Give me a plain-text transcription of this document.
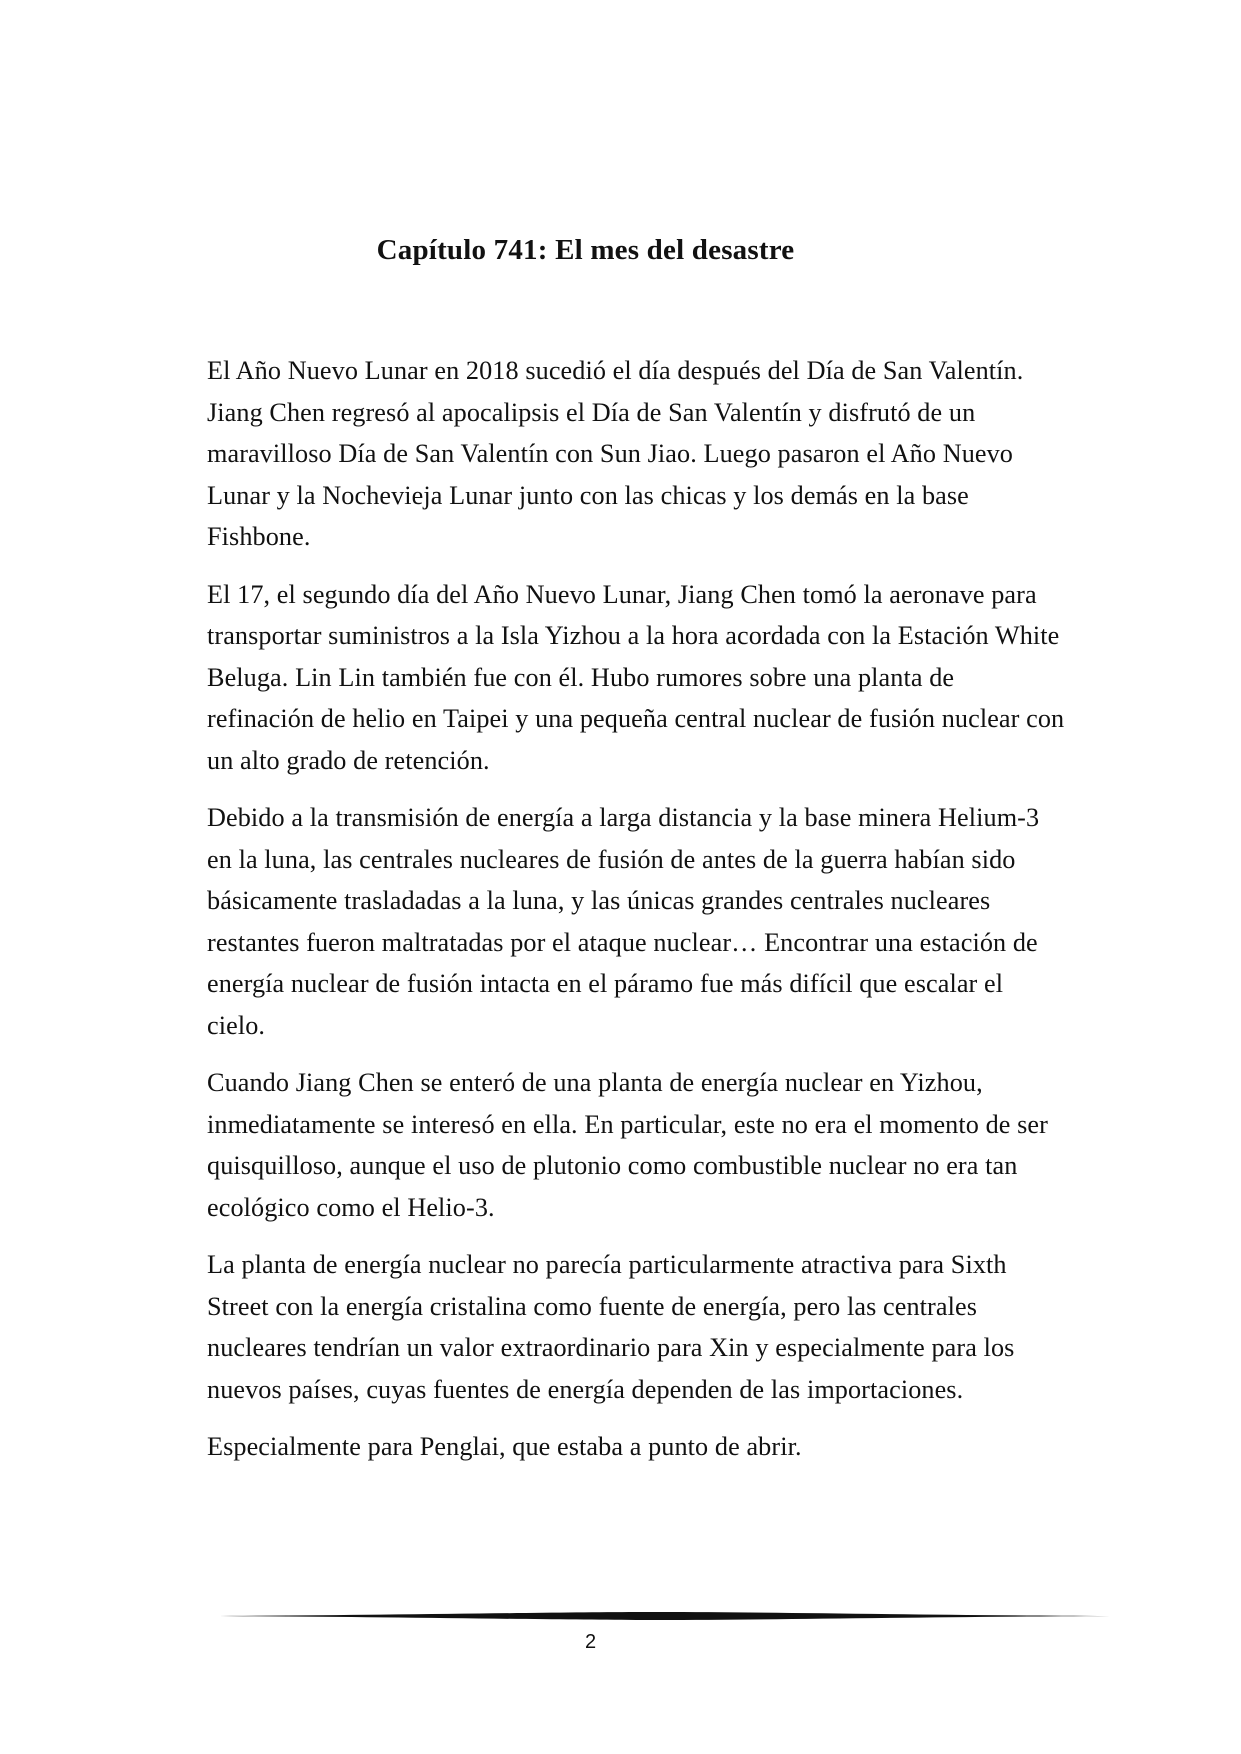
Capítulo 741: El mes del desastre

El Año Nuevo Lunar en 2018 sucedió el día después del Día de San Valentín. Jiang Chen regresó al apocalipsis el Día de San Valentín y disfrutó de un maravilloso Día de San Valentín con Sun Jiao. Luego pasaron el Año Nuevo Lunar y la Nochevieja Lunar junto con las chicas y los demás en la base Fishbone.

El 17, el segundo día del Año Nuevo Lunar, Jiang Chen tomó la aeronave para transportar suministros a la Isla Yizhou a la hora acordada con la Estación White Beluga. Lin Lin también fue con él. Hubo rumores sobre una planta de refinación de helio en Taipei y una pequeña central nuclear de fusión nuclear con un alto grado de retención.

Debido a la transmisión de energía a larga distancia y la base minera Helium-3 en la luna, las centrales nucleares de fusión de antes de la guerra habían sido básicamente trasladadas a la luna, y las únicas grandes centrales nucleares restantes fueron maltratadas por el ataque nuclear… Encontrar una estación de energía nuclear de fusión intacta en el páramo fue más difícil que escalar el cielo.

Cuando Jiang Chen se enteró de una planta de energía nuclear en Yizhou, inmediatamente se interesó en ella. En particular, este no era el momento de ser quisquilloso, aunque el uso de plutonio como combustible nuclear no era tan ecológico como el Helio-3.

La planta de energía nuclear no parecía particularmente atractiva para Sixth Street con la energía cristalina como fuente de energía, pero las centrales nucleares tendrían un valor extraordinario para Xin y especialmente para los nuevos países, cuyas fuentes de energía dependen de las importaciones.

Especialmente para Penglai, que estaba a punto de abrir.

2
